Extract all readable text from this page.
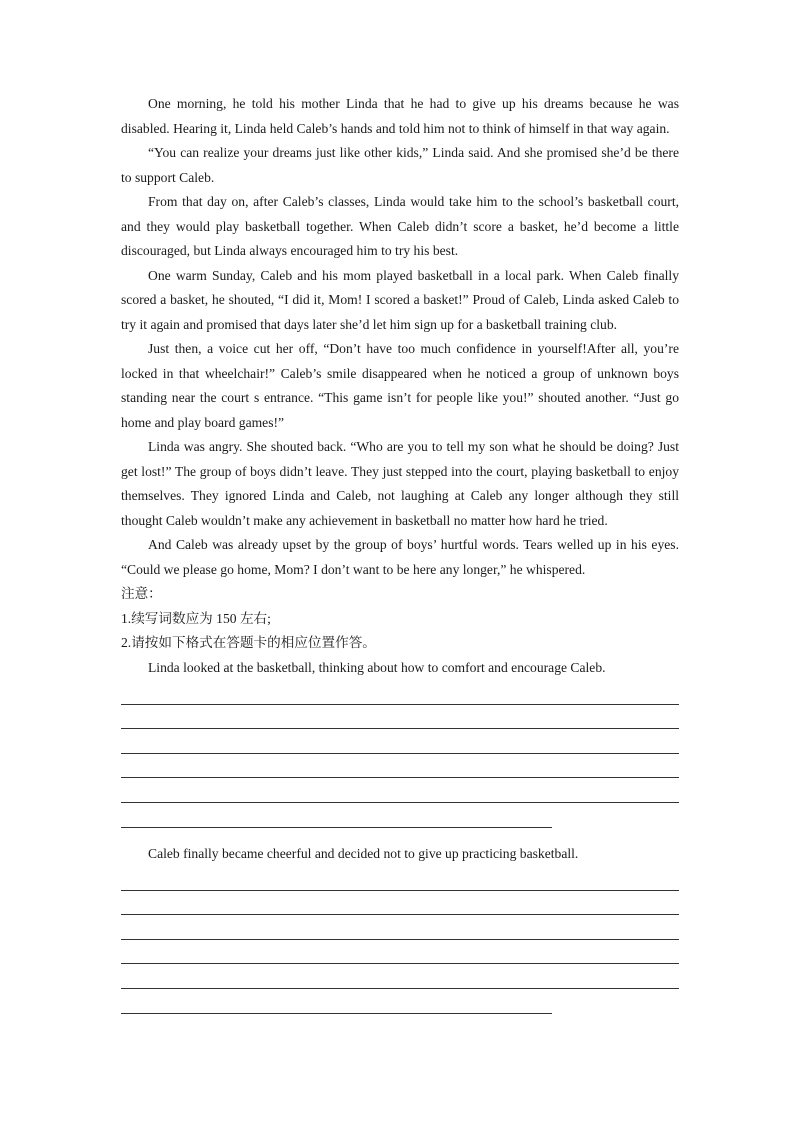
One morning, he told his mother Linda that he had to give up his dreams because he was disabled. Hearing it, Linda held Caleb’s hands and told him not to think of himself in that way again.

“You can realize your dreams just like other kids,” Linda said. And she promised she’d be there to support Caleb.

From that day on, after Caleb’s classes, Linda would take him to the school’s basketball court, and they would play basketball together. When Caleb didn’t score a basket, he’d become a little discouraged, but Linda always encouraged him to try his best.

One warm Sunday, Caleb and his mom played basketball in a local park. When Caleb finally scored a basket, he shouted, “I did it, Mom! I scored a basket!” Proud of Caleb, Linda asked Caleb to try it again and promised that days later she’d let him sign up for a basketball training club.

Just then, a voice cut her off, “Don’t have too much confidence in yourself!After all, you’re locked in that wheelchair!” Caleb’s smile disappeared when he noticed a group of unknown boys standing near the court s entrance. “This game isn’t for people like you!” shouted another. “Just go home and play board games!”

Linda was angry. She shouted back. “Who are you to tell my son what he should be doing? Just get lost!” The group of boys didn’t leave. They just stepped into the court, playing basketball to enjoy themselves. They ignored Linda and Caleb, not laughing at Caleb any longer although they still thought Caleb wouldn’t make any achievement in basketball no matter how hard he tried.

And Caleb was already upset by the group of boys’ hurtful words. Tears welled up in his eyes. “Could we please go home, Mom? I don’t want to be here any longer,” he whispered.

注意：

1.续写词数应为 150 左右;

2.请按如下格式在答题卡的相应位置作答。

Linda looked at the basketball, thinking about how to comfort and encourage Caleb.

Caleb finally became cheerful and decided not to give up practicing basketball.
